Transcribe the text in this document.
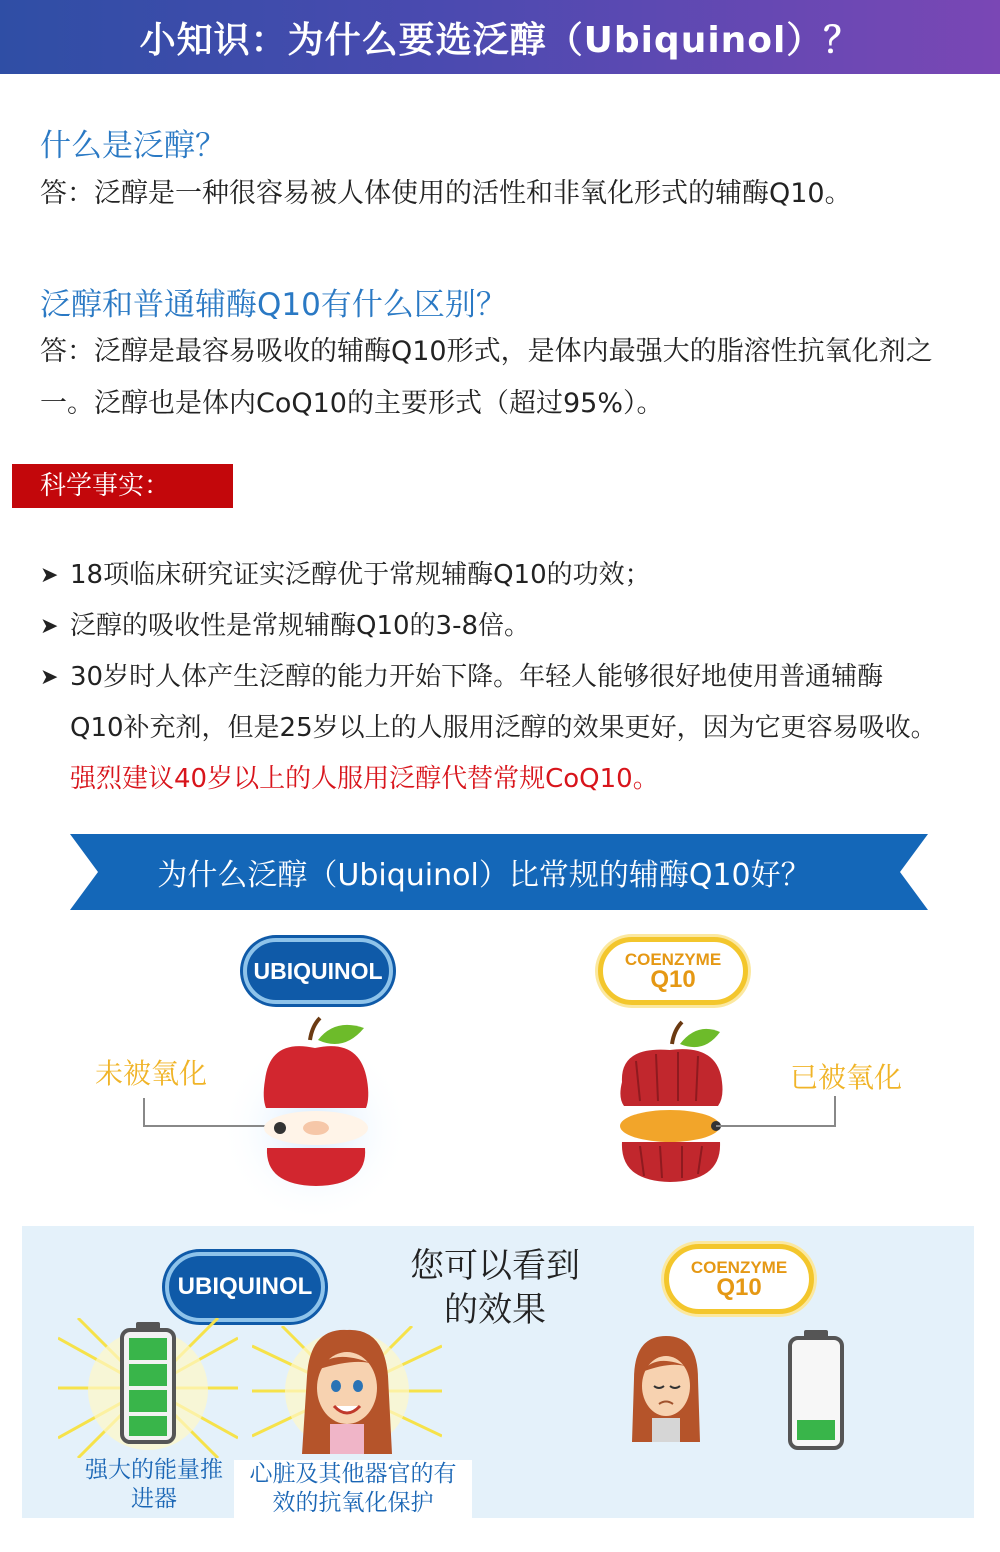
小知识：为什么要选泛醇（Ubiquinol）？
什么是泛醇？
答：泛醇是一种很容易被人体使用的活性和非氧化形式的辅酶Q10。
泛醇和普通辅酶Q10有什么区别？
答：泛醇是最容易吸收的辅酶Q10形式，是体内最强大的脂溶性抗氧化剂之
一。泛醇也是体内CoQ10的主要形式（超过95%）。
科学事实：
➤ 18项临床研究证实泛醇优于常规辅酶Q10的功效；
➤ 泛醇的吸收性是常规辅酶Q10的3-8倍。
➤ 30岁时人体产生泛醇的能力开始下降。年轻人能够很好地使用普通辅酶
Q10补充剂，但是25岁以上的人服用泛醇的效果更好，因为它更容易吸收。
强烈建议40岁以上的人服用泛醇代替常规CoQ10。
为什么泛醇（Ubiquinol）比常规的辅酶Q10好？
UBIQUINOL	COENZYME
Q10
未被氧化	已被氧化
您可以看到
的效果
UBIQUINOL
COENZYME
Q10
强大的能量推
进器
心脏及其他器官的有
效的抗氧化保护
